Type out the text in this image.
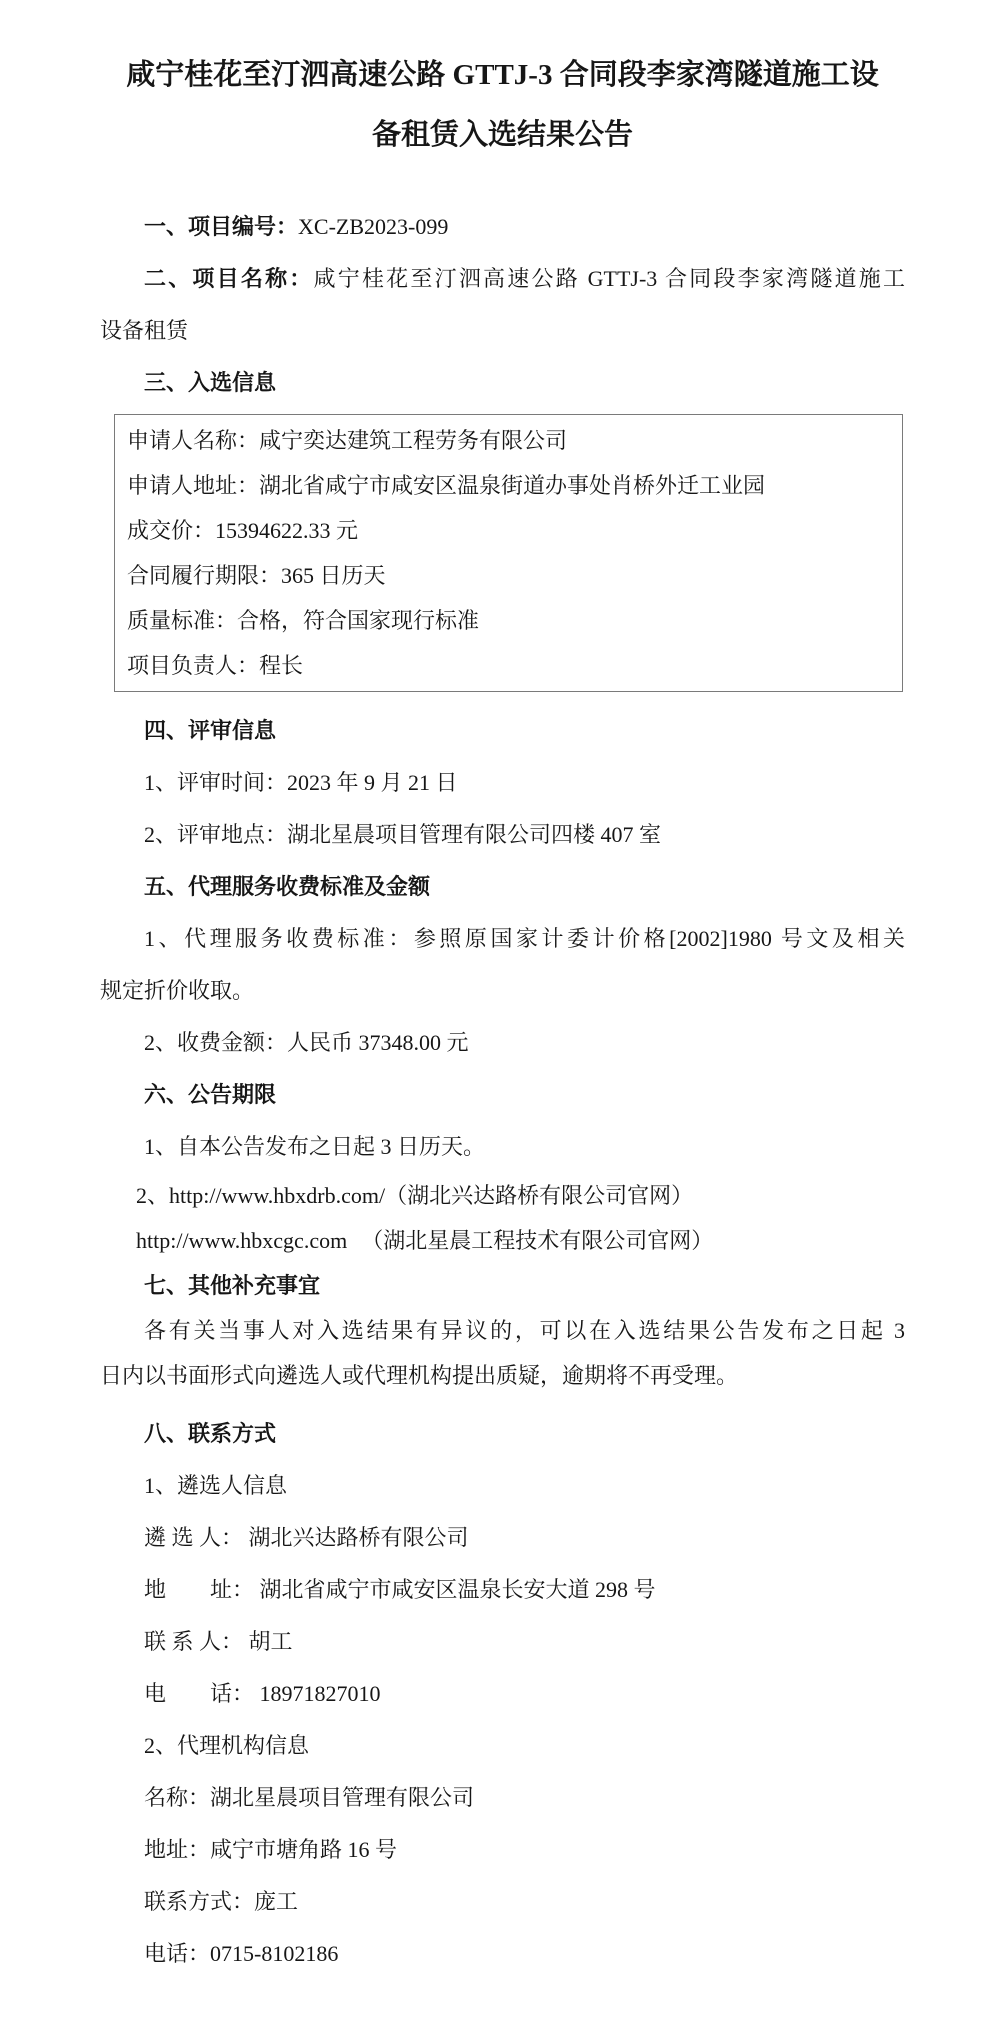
咸宁桂花至汀泗高速公路 GTTJ-3 合同段李家湾隧道施工设
备租赁入选结果公告

一、项目编号：XC-ZB2023-099

二、项目名称：咸宁桂花至汀泗高速公路 GTTJ-3 合同段李家湾隧道施工
设备租赁

三、入选信息

申请人名称：咸宁奕达建筑工程劳务有限公司

申请人地址：湖北省咸宁市咸安区温泉街道办事处肖桥外迁工业园

成交价：15394622.33 元

合同履行期限：365 日历天

质量标准：合格，符合国家现行标准

项目负责人：程长

四、评审信息

1、评审时间：2023 年 9 月 21 日

2、评审地点：湖北星晨项目管理有限公司四楼 407 室

五、代理服务收费标准及金额

1、代理服务收费标准：参照原国家计委计价格[2002]1980 号文及相关
规定折价收取。

2、收费金额：人民币 37348.00 元

六、公告期限

1、自本公告发布之日起 3 日历天。

2、http://www.hbxdrb.com/（湖北兴达路桥有限公司官网）

http://www.hbxcgc.com （湖北星晨工程技术有限公司官网）

七、其他补充事宜

各有关当事人对入选结果有异议的，可以在入选结果公告发布之日起 3
日内以书面形式向遴选人或代理机构提出质疑，逾期将不再受理。

八、联系方式

1、遴选人信息

遴 选 人： 湖北兴达路桥有限公司

地　　址： 湖北省咸宁市咸安区温泉长安大道 298 号

联 系 人： 胡工

电　　话： 18971827010

2、代理机构信息

名称：湖北星晨项目管理有限公司

地址：咸宁市塘角路 16 号

联系方式：庞工

电话：0715-8102186
